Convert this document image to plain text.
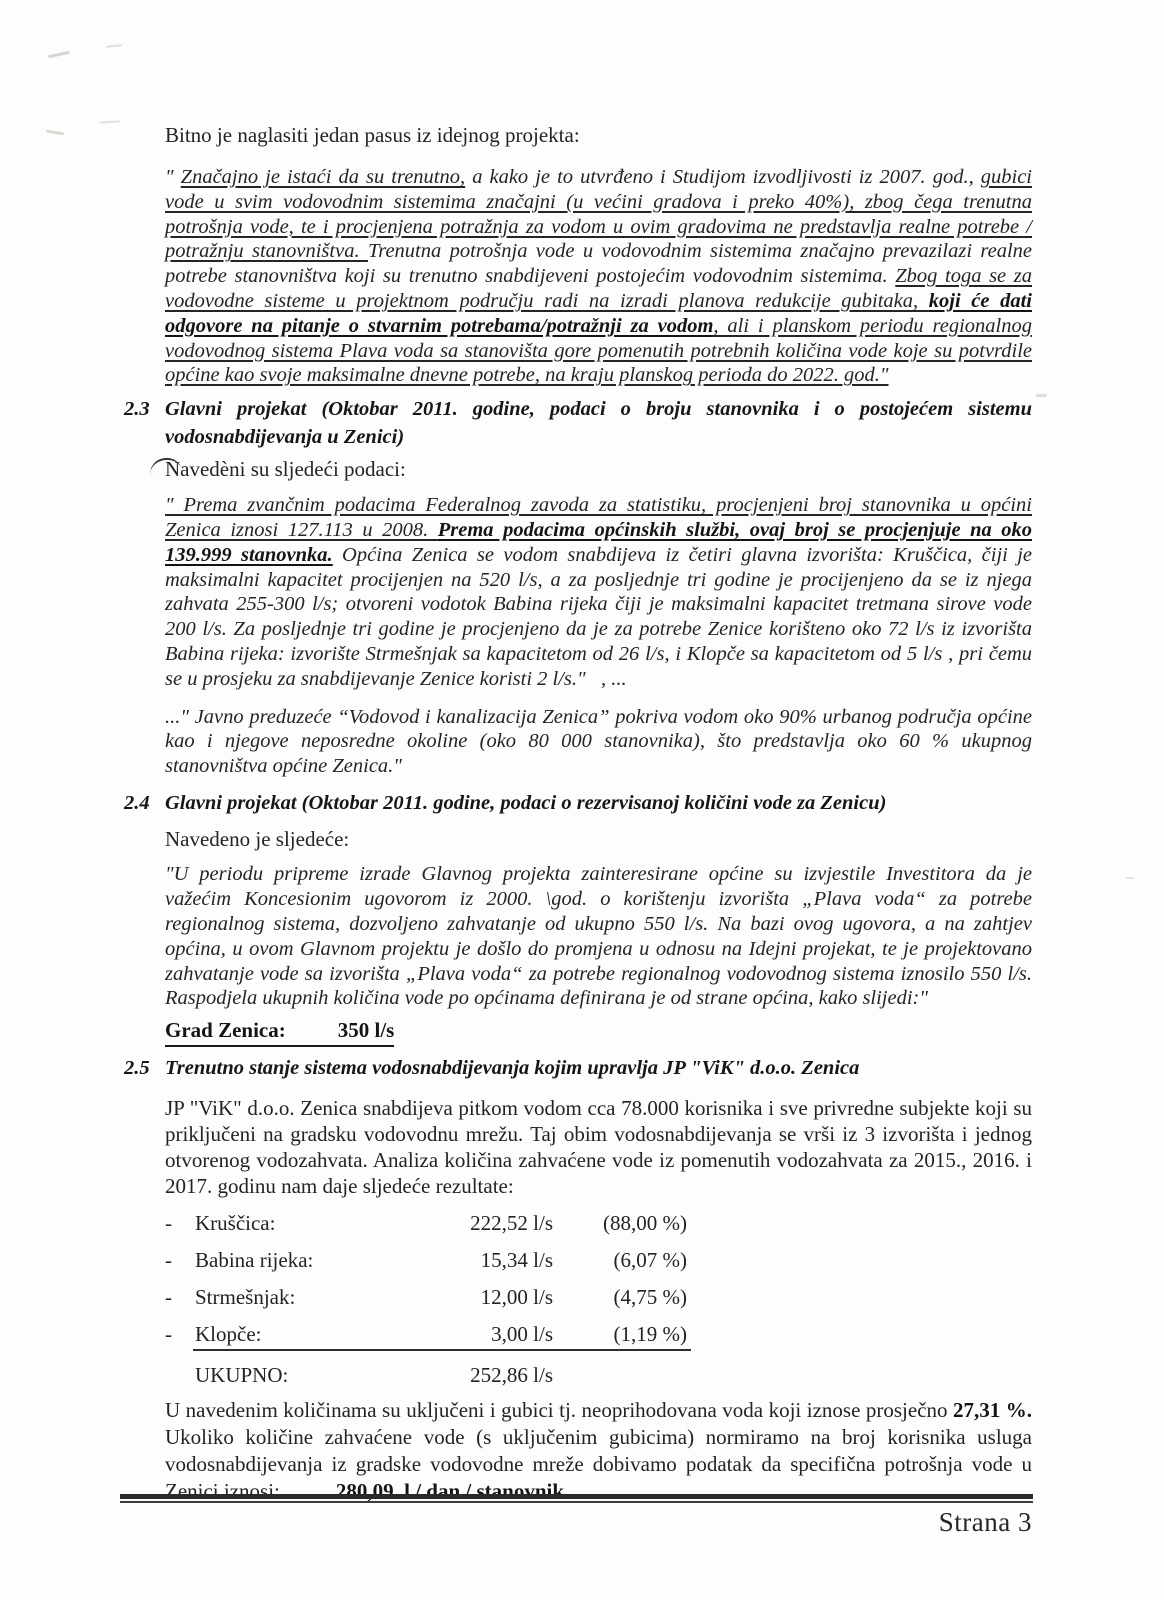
Bitno je naglasiti jedan pasus iz idejnog projekta:

" Značajno je istaći da su trenutno, a kako je to utvrđeno i Studijom izvodljivosti iz 2007. god., gubici vode u svim vodovodnim sistemima značajni (u većini gradova i preko 40%), zbog čega trenutna potrošnja vode, te i procjenjena potražnja za vodom u ovim gradovima ne predstavlja realne potrebe / potražnju stanovništva. Trenutna potrošnja vode u vodovodnim sistemima značajno prevazilazi realne potrebe stanovništva koji su trenutno snabdijeveni postojećim vodovodnim sistemima. Zbog toga se za vodovodne sisteme u projektnom području radi na izradi planova redukcije gubitaka, koji će dati odgovore na pitanje o stvarnim potrebama/potražnji za vodom, ali i planskom periodu regionalnog vodovodnog sistema Plava voda sa stanovišta gore pomenutih potrebnih količina vode koje su potvrdile općine kao svoje maksimalne dnevne potrebe, na kraju planskog perioda do 2022. god."

2.3 Glavni projekat (Oktobar 2011. godine, podaci o broju stanovnika i o postojećem sistemu vodosnabdijevanja u Zenici)

Navedèni su sljedeći podaci:

" Prema zvančnim podacima Federalnog zavoda za statistiku, procjenjeni broj stanovnika u općini Zenica iznosi 127.113 u 2008. Prema podacima općinskih službi, ovaj broj se procjenjuje na oko 139.999 stanovnka. Općina Zenica se vodom snabdijeva iz četiri glavna izvorišta: Kruščica, čiji je maksimalni kapacitet procijenjen na 520 l/s, a za posljednje tri godine je procijenjeno da se iz njega zahvata 255-300 l/s; otvoreni vodotok Babina rijeka čiji je maksimalni kapacitet tretmana sirove vode 200 l/s. Za posljednje tri godine je procjenjeno da je za potrebe Zenice korišteno oko 72 l/s iz izvorišta Babina rijeka: izvorište Strmešnjak sa kapacitetom od 26 l/s, i Klopče sa kapacitetom od 5 l/s , pri čemu se u prosjeku za snabdijevanje Zenice koristi 2 l/s."   , ...

..." Javno preduzeće “Vodovod i kanalizacija Zenica” pokriva vodom oko 90% urbanog područja općine kao i njegove neposredne okoline (oko 80 000 stanovnika), što predstavlja oko 60 % ukupnog stanovništva općine Zenica."

2.4 Glavni projekat (Oktobar 2011. godine, podaci o rezervisanoj količini vode za Zenicu)

Navedeno je sljedeće:

"U periodu pripreme izrade Glavnog projekta zainteresirane općine su izvjestile Investitora da je važećim Koncesionim ugovorom iz 2000. \god. o korištenju izvorišta „Plava voda“ za potrebe regionalnog sistema, dozvoljeno zahvatanje od ukupno 550 l/s. Na bazi ovog ugovora, a na zahtjev općina, u ovom Glavnom projektu je došlo do promjena u odnosu na Idejni projekat, te je projektovano zahvatanje vode sa izvorišta „Plava voda“ za potrebe regionalnog vodovodnog sistema iznosilo 550 l/s. Raspodjela ukupnih količina vode po općinama definirana je od strane općina, kako slijedi:"

Grad Zenica: 350 l/s
2.5 Trenutno stanje sistema vodosnabdijevanja kojim upravlja JP "ViK" d.o.o. Zenica

JP "ViK" d.o.o. Zenica snabdijeva pitkom vodom cca 78.000 korisnika i sve privredne subjekte koji su priključeni na gradsku vodovodnu mrežu. Taj obim vodosnabdijevanja se vrši iz 3 izvorišta i jednog otvorenog vodozahvata. Analiza količina zahvaćene vode iz pomenutih vodozahvata za 2015., 2016. i 2017. godinu nam daje sljedeće rezultate:

-	Kruščica:	222,52 l/s	(88,00 %)
-	Babina rijeka:	15,34 l/s	(6,07 %)
-	Strmešnjak:	12,00 l/s	(4,75 %)
-	Klopče:	3,00 l/s	(1,19 %)
UKUPNO:	252,86 l/s

U navedenim količinama su uključeni i gubici tj. neoprihodovana voda koji iznose prosječno 27,31 %. Ukoliko količine zahvaćene vode (s uključenim gubicima) normiramo na broj korisnika usluga vodosnabdijevanja iz gradske vodovodne mreže dobivamo podatak da specifična potrošnja vode u Zenici iznosi:	280,09  l / dan / stanovnik

Strana 3
